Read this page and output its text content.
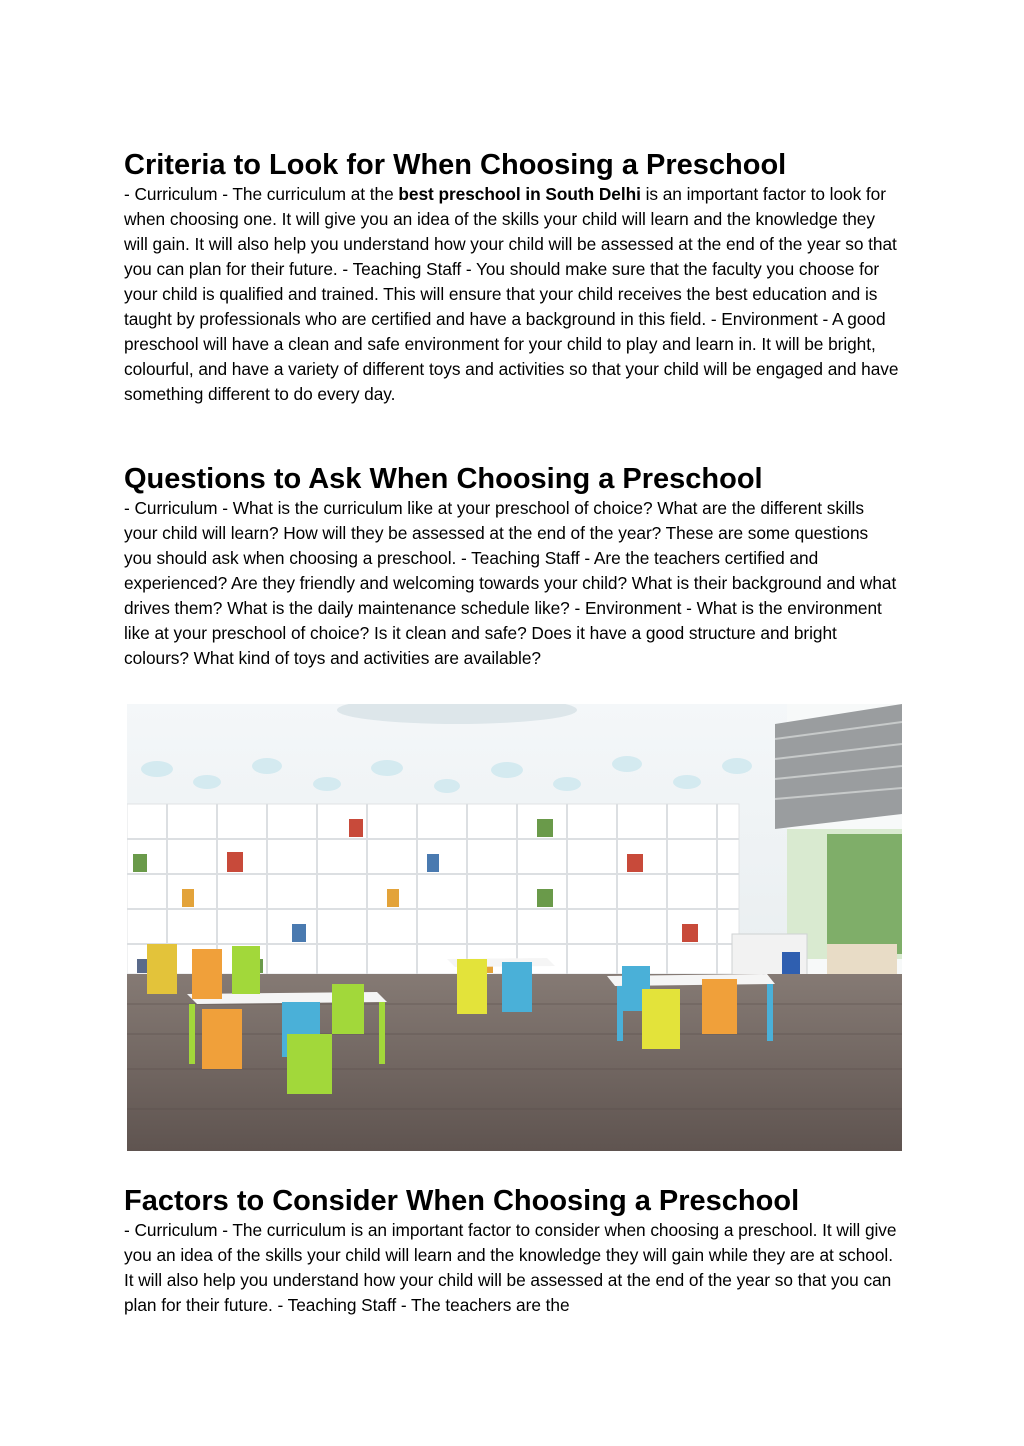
Criteria to Look for When Choosing a Preschool

- Curriculum - The curriculum at the best preschool in South Delhi is an important factor to look for when choosing one. It will give you an idea of the skills your child will learn and the knowledge they will gain. It will also help you understand how your child will be assessed at the end of the year so that you can plan for their future. - Teaching Staff - You should make sure that the faculty you choose for your child is qualified and trained. This will ensure that your child receives the best education and is taught by professionals who are certified and have a background in this field. - Environment - A good preschool will have a clean and safe environment for your child to play and learn in. It will be bright, colourful, and have a variety of different toys and activities so that your child will be engaged and have something different to do every day.

Questions to Ask When Choosing a Preschool

- Curriculum - What is the curriculum like at your preschool of choice? What are the different skills your child will learn? How will they be assessed at the end of the year? These are some questions you should ask when choosing a preschool. - Teaching Staff - Are the teachers certified and experienced? Are they friendly and welcoming towards your child? What is their background and what drives them? What is the daily maintenance schedule like? - Environment - What is the environment like at your preschool of choice? Is it clean and safe? Does it have a good structure and bright colours? What kind of toys and activities are available?

Factors to Consider When Choosing a Preschool

- Curriculum - The curriculum is an important factor to consider when choosing a preschool. It will give you an idea of the skills your child will learn and the knowledge they will gain while they are at school. It will also help you understand how your child will be assessed at the end of the year so that you can plan for their future. - Teaching Staff - The teachers are the
